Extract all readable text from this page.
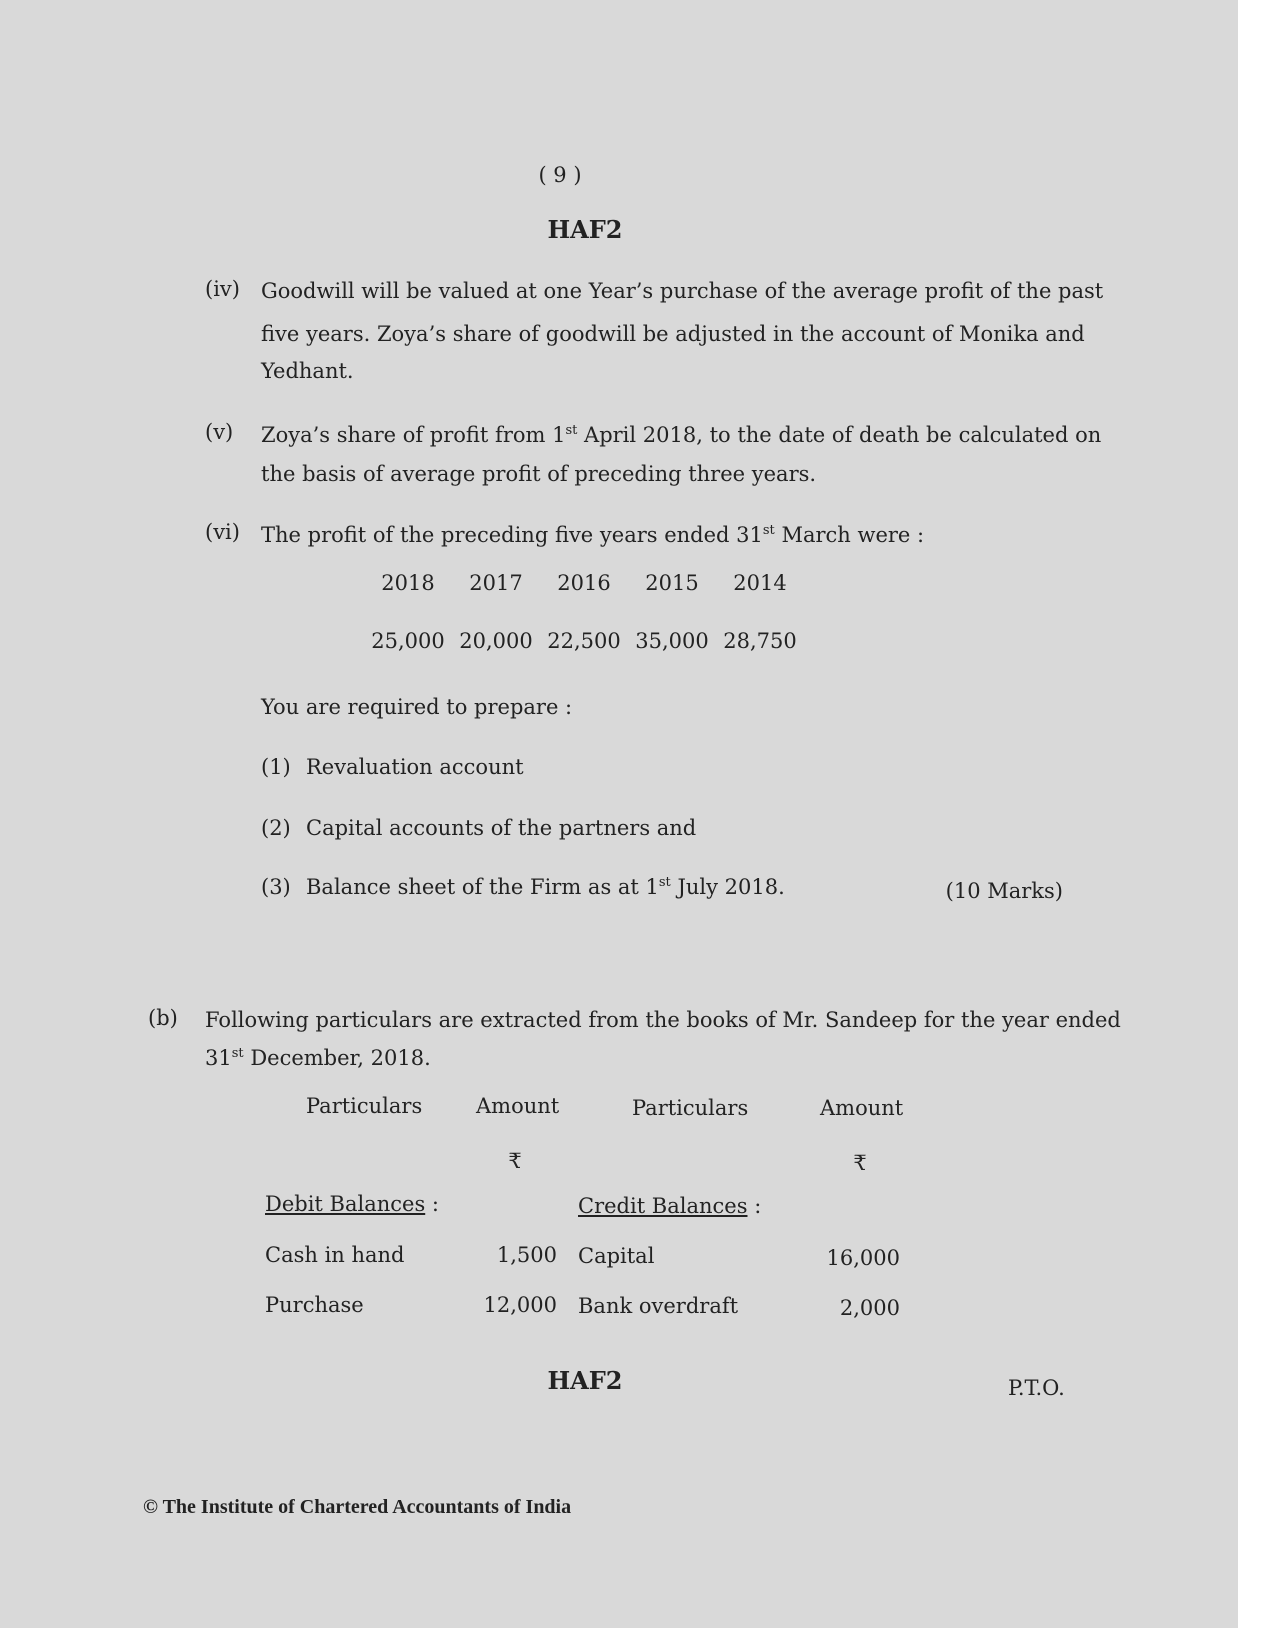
( 9 )
HAF2
(iv) Goodwill will be valued at one Year’s purchase of the average profit of the past
five years. Zoya’s share of goodwill be adjusted in the account of Monika and
Yedhant.
(v) Zoya’s share of profit from 1st April 2018, to the date of death be calculated on
the basis of average profit of preceding three years.
(vi) The profit of the preceding five years ended 31st March were :
2018	2017	2016	2015	2014
25,000 20,000 22,500 35,000 28,750
You are required to prepare :
(1) Revaluation account
(2) Capital accounts of the partners and
(3) Balance sheet of the Firm as at 1st July 2018.	(10 Marks)
(b) Following particulars are extracted from the books of Mr. Sandeep for the year ended
31st December, 2018.
Particulars	Amount	Particulars	Amount
₹	₹
Debit Balances :	Credit Balances :
Cash in hand	1,500 Capital	16,000
Purchase	12,000 Bank overdraft	2,000
HAF2	P.T.O.
© The Institute of Chartered Accountants of India
